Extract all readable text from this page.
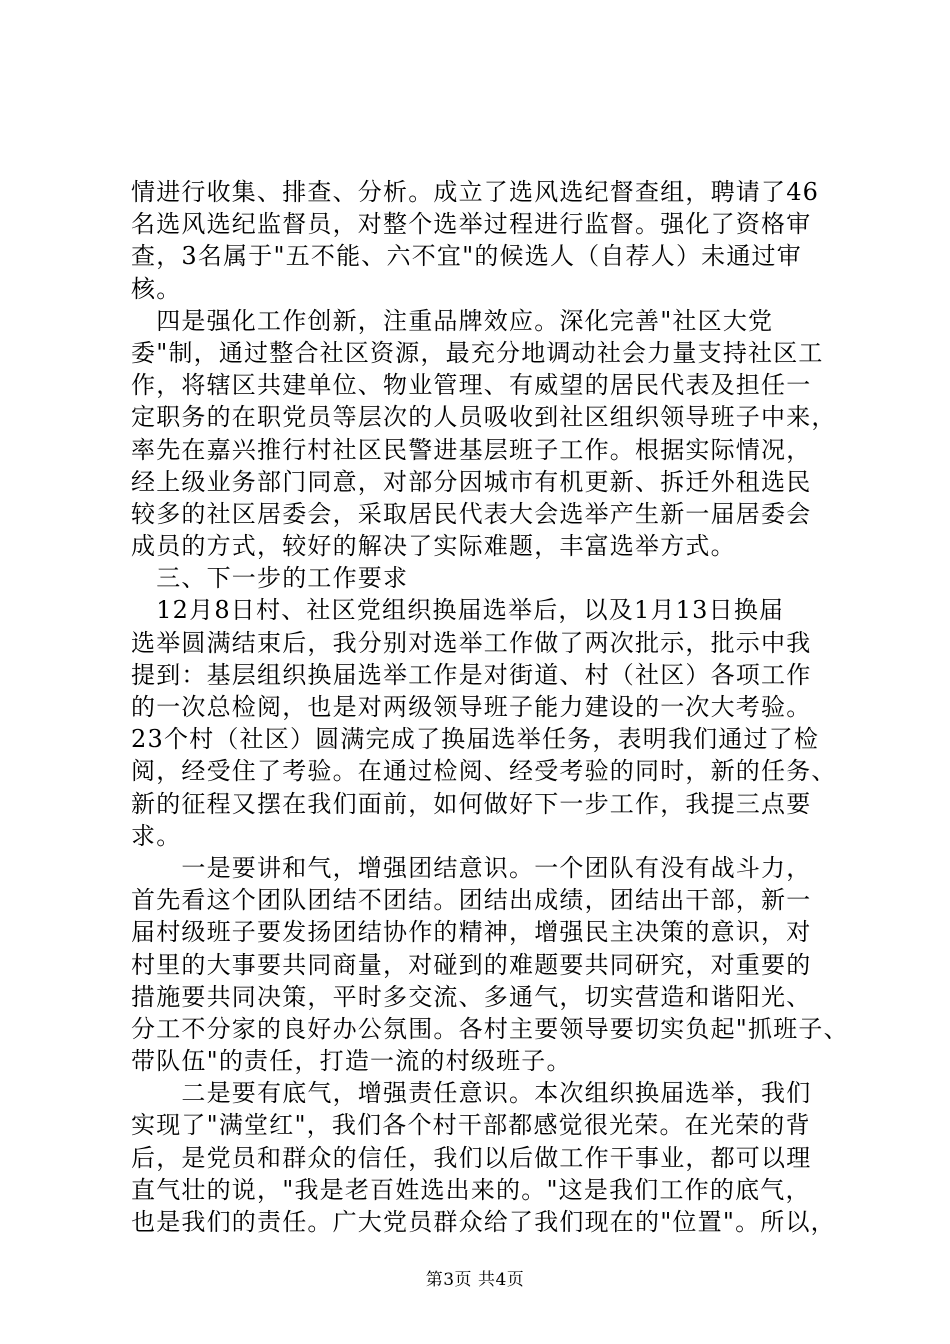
情进行收集、排查、分析。成立了选风选纪督查组，聘请了46
名选风选纪监督员，对整个选举过程进行监督。强化了资格审
查，3名属于"五不能、六不宜"的候选人（自荐人）未通过审
核。
　四是强化工作创新，注重品牌效应。深化完善"社区大党
委"制，通过整合社区资源，最充分地调动社会力量支持社区工
作，将辖区共建单位、物业管理、有威望的居民代表及担任一
定职务的在职党员等层次的人员吸收到社区组织领导班子中来，
率先在嘉兴推行村社区民警进基层班子工作。根据实际情况，
经上级业务部门同意，对部分因城市有机更新、拆迁外租选民
较多的社区居委会，采取居民代表大会选举产生新一届居委会
成员的方式，较好的解决了实际难题，丰富选举方式。
　三、下一步的工作要求
　12月8日村、社区党组织换届选举后，以及1月13日换届
选举圆满结束后，我分别对选举工作做了两次批示，批示中我
提到：基层组织换届选举工作是对街道、村（社区）各项工作
的一次总检阅，也是对两级领导班子能力建设的一次大考验。
23个村（社区）圆满完成了换届选举任务，表明我们通过了检
阅，经受住了考验。在通过检阅、经受考验的同时，新的任务、
新的征程又摆在我们面前，如何做好下一步工作，我提三点要
求。
　　一是要讲和气，增强团结意识。一个团队有没有战斗力，
首先看这个团队团结不团结。团结出成绩，团结出干部，新一
届村级班子要发扬团结协作的精神，增强民主决策的意识，对
村里的大事要共同商量，对碰到的难题要共同研究，对重要的
措施要共同决策，平时多交流、多通气，切实营造和谐阳光、
分工不分家的良好办公氛围。各村主要领导要切实负起"抓班子、
带队伍"的责任，打造一流的村级班子。
　　二是要有底气，增强责任意识。本次组织换届选举，我们
实现了"满堂红"，我们各个村干部都感觉很光荣。在光荣的背
后，是党员和群众的信任，我们以后做工作干事业，都可以理
直气壮的说，"我是老百姓选出来的。"这是我们工作的底气，
也是我们的责任。广大党员群众给了我们现在的"位置"。所以，
第3页 共4页
